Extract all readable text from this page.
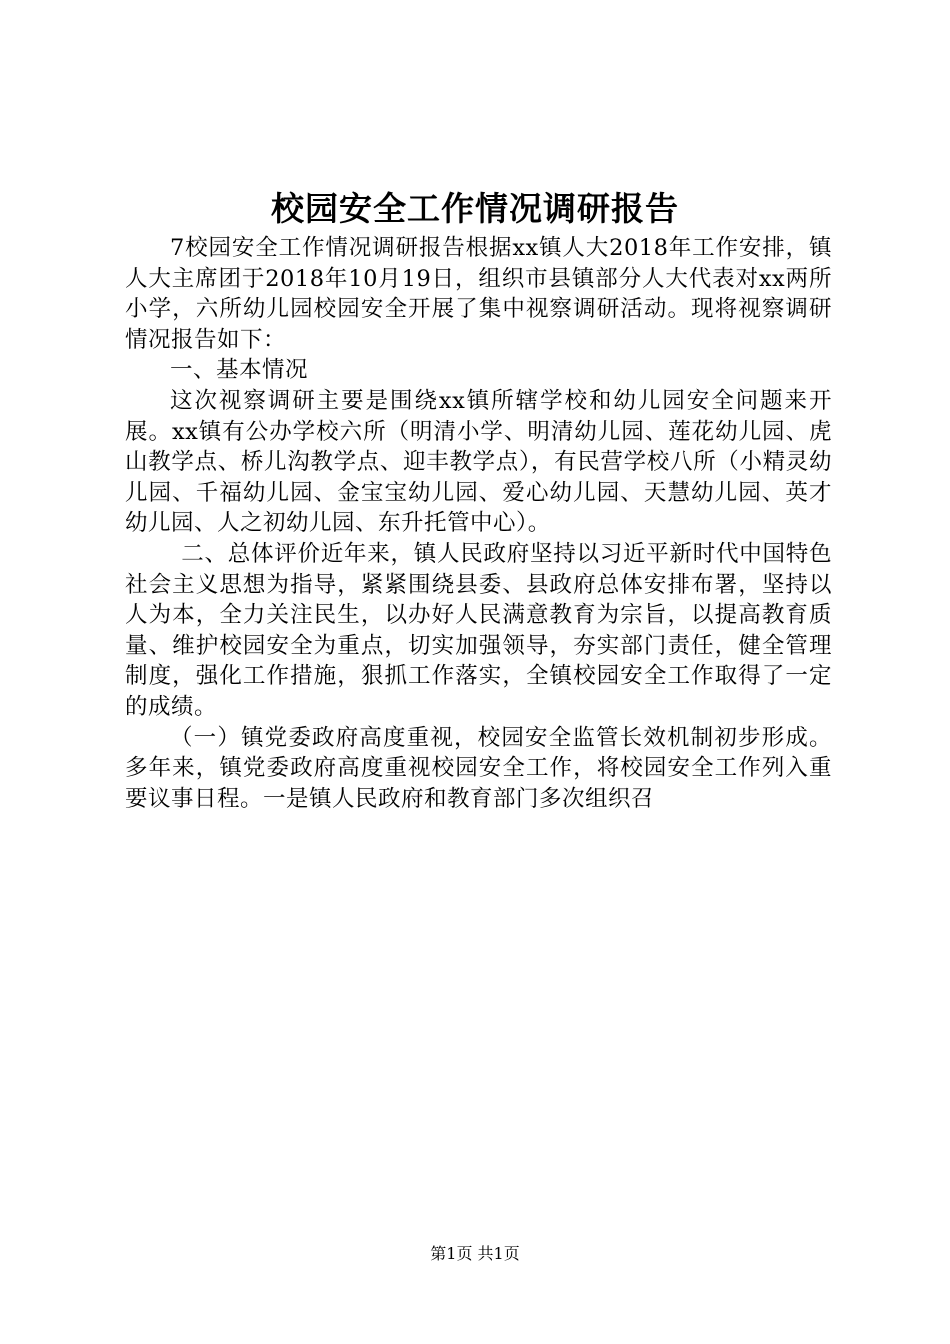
校园安全工作情况调研报告

7校园安全工作情况调研报告根据xx镇人大2018年工作安排，镇人大主席团于2018年10月19日，组织市县镇部分人大代表对xx两所小学，六所幼儿园校园安全开展了集中视察调研活动。现将视察调研情况报告如下：

一、基本情况

这次视察调研主要是围绕xx镇所辖学校和幼儿园安全问题来开展。xx镇有公办学校六所（明清小学、明清幼儿园、莲花幼儿园、虎山教学点、桥儿沟教学点、迎丰教学点），有民营学校八所（小精灵幼儿园、千福幼儿园、金宝宝幼儿园、爱心幼儿园、天慧幼儿园、英才幼儿园、人之初幼儿园、东升托管中心）。

二、总体评价近年来，镇人民政府坚持以习近平新时代中国特色社会主义思想为指导，紧紧围绕县委、县政府总体安排布署，坚持以人为本，全力关注民生，以办好人民满意教育为宗旨，以提高教育质量、维护校园安全为重点，切实加强领导，夯实部门责任，健全管理制度，强化工作措施，狠抓工作落实，全镇校园安全工作取得了一定的成绩。

（一）镇党委政府高度重视，校园安全监管长效机制初步形成。多年来，镇党委政府高度重视校园安全工作，将校园安全工作列入重要议事日程。一是镇人民政府和教育部门多次组织召

第1页 共1页
